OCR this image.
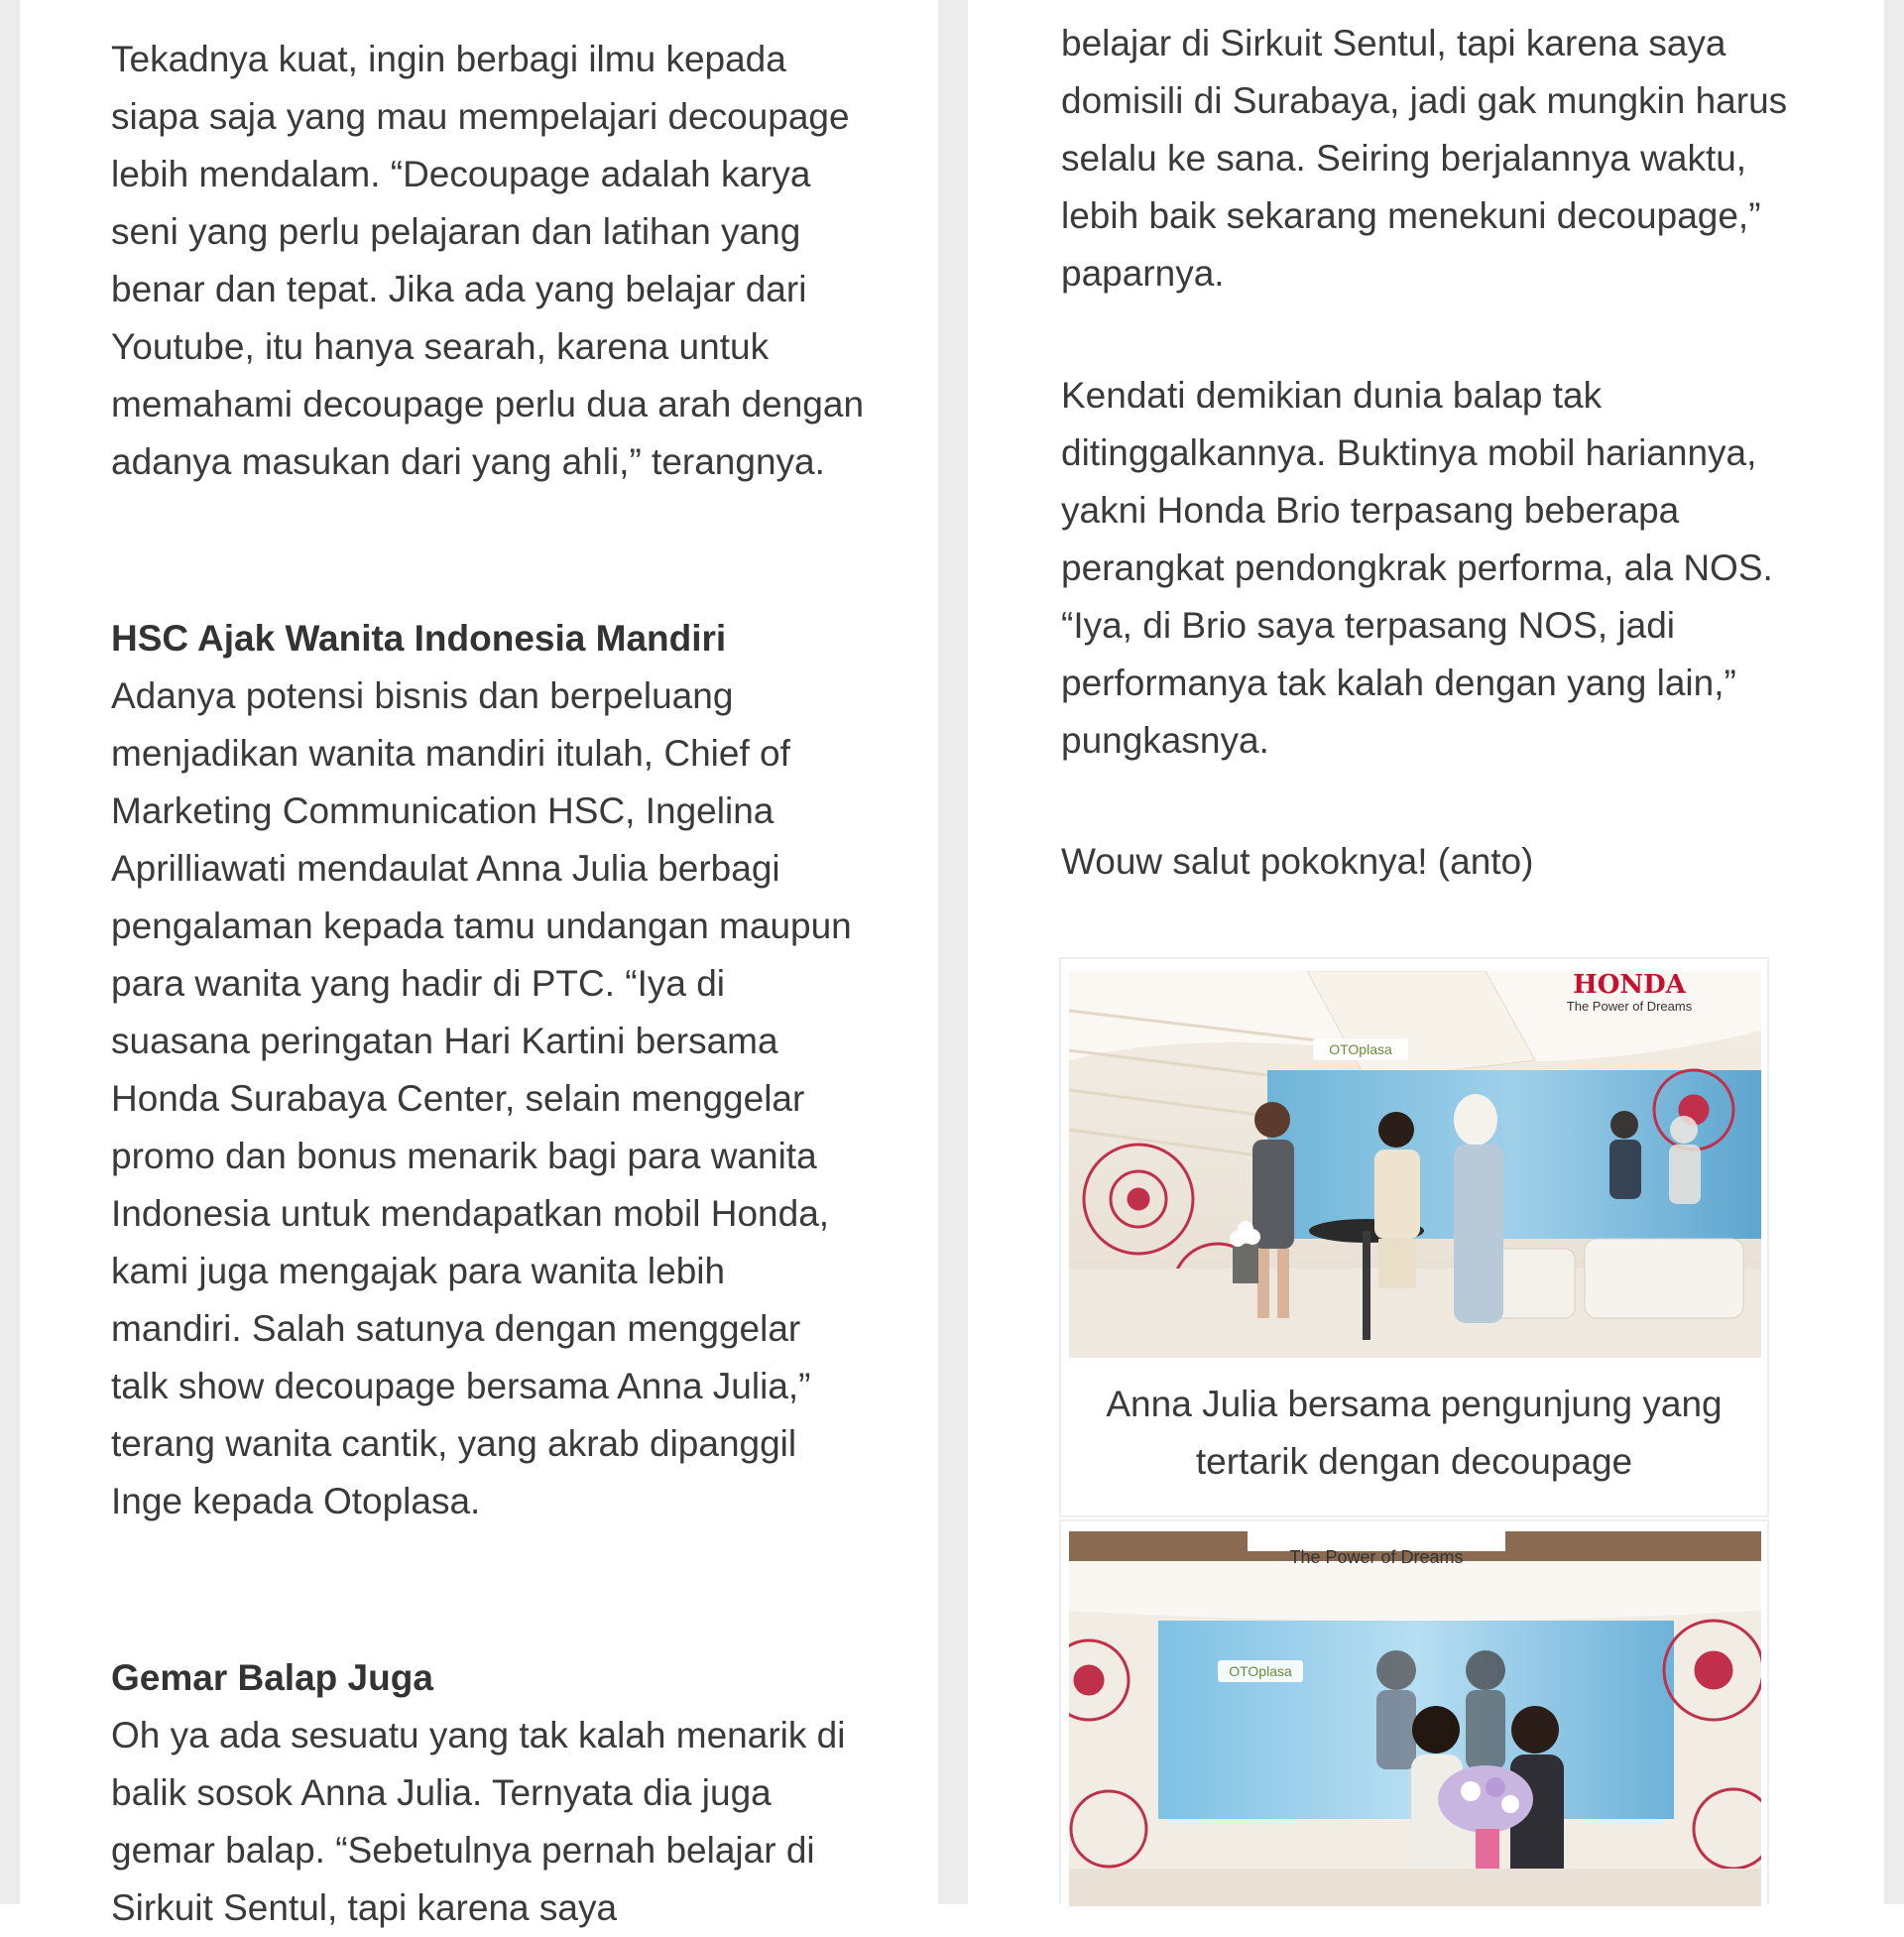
Tekadnya kuat, ingin berbagi ilmu kepada siapa saja yang mau mempelajari decoupage lebih mendalam. “Decoupage adalah karya seni yang perlu pelajaran dan latihan yang benar dan tepat. Jika ada yang belajar dari Youtube, itu hanya searah, karena untuk memahami decoupage perlu dua arah dengan adanya masukan dari yang ahli,” terangnya.

HSC Ajak Wanita Indonesia Mandiri

Adanya potensi bisnis dan berpeluang menjadikan wanita mandiri itulah, Chief of Marketing Communication HSC, Ingelina Aprilliawati mendaulat Anna Julia berbagi pengalaman kepada tamu undangan maupun para wanita yang hadir di PTC. “Iya di suasana peringatan Hari Kartini bersama Honda Surabaya Center, selain menggelar promo dan bonus menarik bagi para wanita Indonesia untuk mendapatkan mobil Honda, kami juga mengajak para wanita lebih mandiri. Salah satunya dengan menggelar talk show decoupage bersama Anna Julia,” terang wanita cantik, yang akrab dipanggil Inge kepada Otoplasa.

Gemar Balap Juga

Oh ya ada sesuatu yang tak kalah menarik di balik sosok Anna Julia. Ternyata dia juga gemar balap. “Sebetulnya pernah belajar di Sirkuit Sentul, tapi karena saya

belajar di Sirkuit Sentul, tapi karena saya domisili di Surabaya, jadi gak mungkin harus selalu ke sana. Seiring berjalannya waktu, lebih baik sekarang menekuni decoupage,” paparnya.

Kendati demikian dunia balap tak ditinggalkannya. Buktinya mobil hariannya, yakni Honda Brio terpasang beberapa perangkat pendongkrak performa, ala NOS. “Iya, di Brio saya terpasang NOS, jadi performanya tak kalah dengan yang lain,” pungkasnya.

Wouw salut pokoknya! (anto)

HONDA
The Power of Dreams
OTOplasa

Anna Julia bersama pengunjung yang tertarik dengan decoupage

The Power of Dreams
OTOplasa
